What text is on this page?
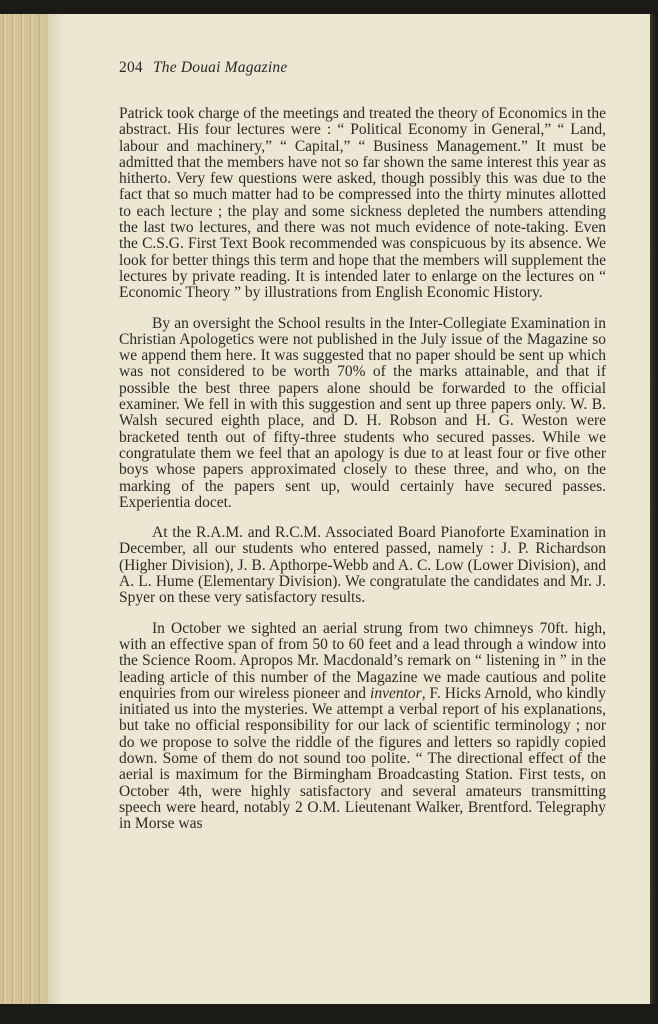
204 The Douai Magazine

Patrick took charge of the meetings and treated the theory of Economics in the abstract. His four lectures were : “ Political Economy in General,” “ Land, labour and machinery,” “ Capital,” “ Business Management.” It must be admitted that the members have not so far shown the same interest this year as hitherto. Very few questions were asked, though possibly this was due to the fact that so much matter had to be compressed into the thirty minutes allotted to each lecture ; the play and some sickness depleted the numbers attending the last two lectures, and there was not much evidence of note-taking. Even the C.S.G. First Text Book recommended was conspicuous by its absence. We look for better things this term and hope that the members will supplement the lectures by private reading. It is intended later to enlarge on the lectures on “ Economic Theory ” by illustrations from English Economic History.

By an oversight the School results in the Inter-Collegiate Examination in Christian Apologetics were not published in the July issue of the Magazine so we append them here. It was suggested that no paper should be sent up which was not considered to be worth 70% of the marks attainable, and that if possible the best three papers alone should be forwarded to the official examiner. We fell in with this suggestion and sent up three papers only. W. B. Walsh secured eighth place, and D. H. Robson and H. G. Weston were bracketed tenth out of fifty-three students who secured passes. While we congratulate them we feel that an apology is due to at least four or five other boys whose papers approximated closely to these three, and who, on the marking of the papers sent up, would certainly have secured passes. Experientia docet.

At the R.A.M. and R.C.M. Associated Board Pianoforte Examination in December, all our students who entered passed, namely : J. P. Richardson (Higher Division), J. B. Apthorpe-Webb and A. C. Low (Lower Division), and A. L. Hume (Elementary Division). We congratulate the candidates and Mr. J. Spyer on these very satisfactory results.

In October we sighted an aerial strung from two chimneys 70ft. high, with an effective span of from 50 to 60 feet and a lead through a window into the Science Room. Apropos Mr. Macdonald’s remark on “ listening in ” in the leading article of this number of the Magazine we made cautious and polite enquiries from our wireless pioneer and inventor, F. Hicks Arnold, who kindly initiated us into the mysteries. We attempt a verbal report of his explanations, but take no official responsibility for our lack of scientific terminology ; nor do we propose to solve the riddle of the figures and letters so rapidly copied down. Some of them do not sound too polite. “ The directional effect of the aerial is maximum for the Birmingham Broadcasting Station. First tests, on October 4th, were highly satisfactory and several amateurs transmitting speech were heard, notably 2 O.M. Lieutenant Walker, Brentford. Telegraphy in Morse was
